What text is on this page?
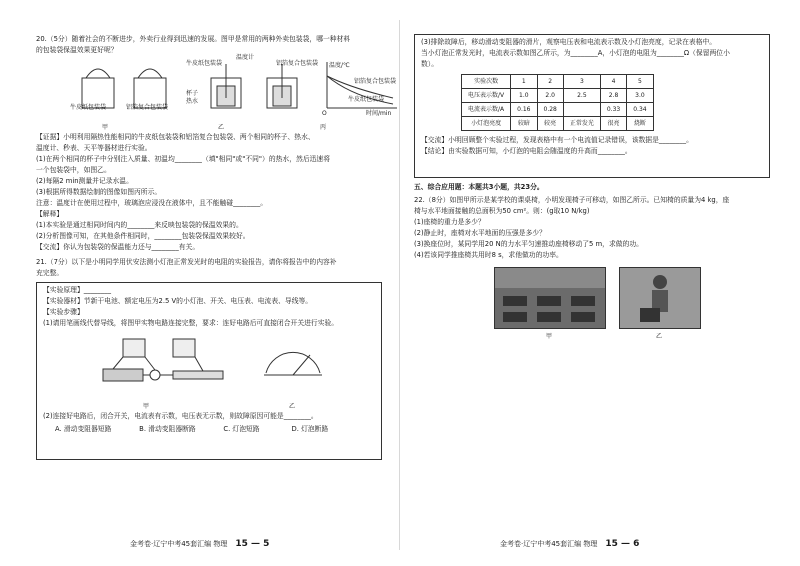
20.（5分）随着社会的不断进步，外卖行业得到迅速的发展。图甲是常用的两种外卖包装袋，哪一种材料

的包装袋保温效果更好呢？

牛皮纸包装袋	铝箔复合包装袋
牛皮纸包装袋
温度计
铝箔复合包装袋
杯子
热水
温度/℃
铝箔复合包装袋
牛皮纸包装袋
时间/min
O
甲	乙	丙

【证据】小明利用隔热性能相同的牛皮纸包装袋和铝箔复合包装袋、两个相同的杯子、热水、

温度计、秒表、天平等器材进行实验。

(1)在两个相同的杯子中分别注入质量、初温均________（填"相同"或"不同"）的热水，然后迅速将

一个包装袋中，如图乙。

(2)每隔2 min测量并记录水温。

(3)根据所得数据绘制的图像如图丙所示。

注意：温度计在使用过程中，玻璃泡应浸没在液体中，且不能触碰________。

【解释】

(1)本实验是通过相同时间内的________来反映包装袋的保温效果的。

(2)分析图像可知，在其他条件相同时，________包装袋保温效果较好。

【交流】你认为包装袋的保温能力还与________有关。

21.（7分）以下是小明同学用伏安法测小灯泡正常发光时的电阻的实验报告，请你将报告中的内容补

充完整。

【实验原理】________

【实验器材】节新干电池、额定电压为2.5 V的小灯泡、开关、电压表、电流表、导线等。

【实验步骤】

(1)请用笔画线代替导线，将图甲实物电路连接完整，要求：连好电路后可直接闭合开关进行实验。

甲	乙

(2)连接好电路后，闭合开关，电流表有示数，电压表无示数，则故障原因可能是________。

A. 滑动变阻器短路	B. 滑动变阻器断路	C. 灯泡短路	D. 灯泡断路
金考卷·辽宁中考45套汇编 物理 15 — 5

(3)排除故障后，移动滑动变阻器的滑片，观察电压表和电流表示数及小灯泡亮度，记录在表格中。

当小灯泡正常发光时，电流表示数如图乙所示，为________A，小灯泡的电阻为________Ω（保留两位小

数）。

实验次数	1	2	3	4	5
电压表示数/V	1.0	2.0	2.5	2.8	3.0
电流表示数/A	0.16	0.28		0.33	0.34
小灯泡亮度	较暗	较亮	正常发光	很亮	烧断

【交流】小明回顾整个实验过程，发现表格中有一个电流值记录错误，该数据是________。

【结论】由实验数据可知，小灯泡的电阻会随温度的升高而________。

五、综合应用题：本题共3小题，共23分。

22.（8分）如图甲所示是某学校的课桌椅，小明发现椅子可移动，如图乙所示。已知椅的质量为4 kg，座

椅与水平地面接触的总面积为50 cm²。则：(g取10 N/kg)

(1)座椅的重力是多少？

(2)静止时，座椅对水平地面的压强是多少？

(3)换座位时，某同学用20 N的力水平匀速推动座椅移动了5 m，求做的功。

(4)若该同学推座椅共用时8 s，求他做功的功率。

甲	乙
金考卷·辽宁中考45套汇编 物理 15 — 6
